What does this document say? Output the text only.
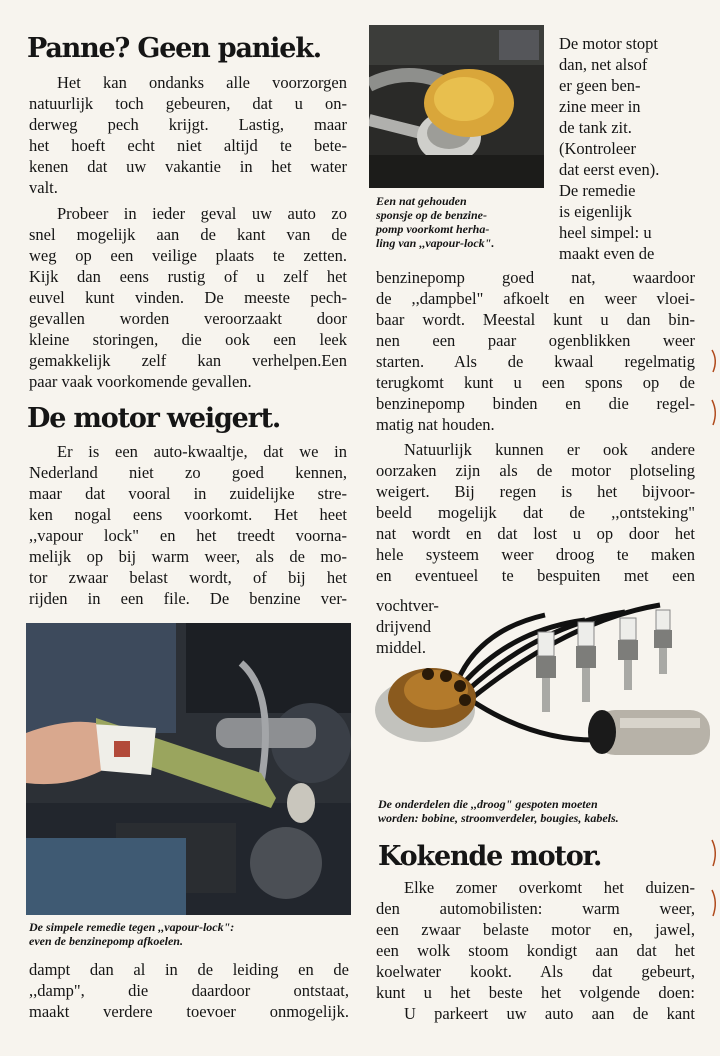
Panne? Geen paniek.
De motor weigert.
Kokende motor.

Het kan ondanks alle voorzorgen

natuurlijk toch gebeuren, dat u on-

derweg pech krijgt. Lastig, maar

het hoeft echt niet altijd te bete-

kenen dat uw vakantie in het water

valt.

Probeer in ieder geval uw auto zo

snel mogelijk aan de kant van de

weg op een veilige plaats te zetten.

Kijk dan eens rustig of u zelf het

euvel kunt vinden. De meeste pech-

gevallen worden veroorzaakt door

kleine storingen, die ook een leek

gemakkelijk zelf kan verhelpen.Een

paar vaak voorkomende gevallen.

Er is een auto-kwaaltje, dat we in

Nederland niet zo goed kennen,

maar dat vooral in zuidelijke stre-

ken nogal eens voorkomt. Het heet

,,vapour lock" en het treedt voorna-

melijk op bij warm weer, als de mo-

tor zwaar belast wordt, of bij het

rijden in een file. De benzine ver-

De simpele remedie tegen ,,vapour-lock":

even de benzinepomp afkoelen.

dampt dan al in de leiding en de

,,damp", die daardoor ontstaat,

maakt verdere toevoer onmogelijk.

Een nat gehouden

sponsje op de benzine-

pomp voorkomt herha-

ling van ,,vapour-lock".

De motor stopt

dan, net alsof

er geen ben-

zine meer in

de tank zit.

(Kontroleer

dat eerst even).

De remedie

is eigenlijk

heel simpel: u

maakt even de

benzinepomp goed nat, waardoor

de ,,dampbel" afkoelt en weer vloei-

baar wordt. Meestal kunt u dan bin-

nen een paar ogenblikken weer

starten. Als de kwaal regelmatig

terugkomt kunt u een spons op de

benzinepomp binden en die regel-

matig nat houden.

Natuurlijk kunnen er ook andere

oorzaken zijn als de motor plotseling

weigert. Bij regen is het bijvoor-

beeld mogelijk dat de ,,ontsteking"

nat wordt en dat lost u op door het

hele systeem weer droog te maken

en eventueel te bespuiten met een

vochtver-

drijvend

middel.

De onderdelen die ,,droog" gespoten moeten

worden: bobine, stroomverdeler, bougies, kabels.

Elke zomer overkomt het duizen-

den automobilisten: warm weer,

een zwaar belaste motor en, jawel,

een wolk stoom kondigt aan dat het

koelwater kookt. Als dat gebeurt,

kunt u het beste het volgende doen:

U parkeert uw auto aan de kant
